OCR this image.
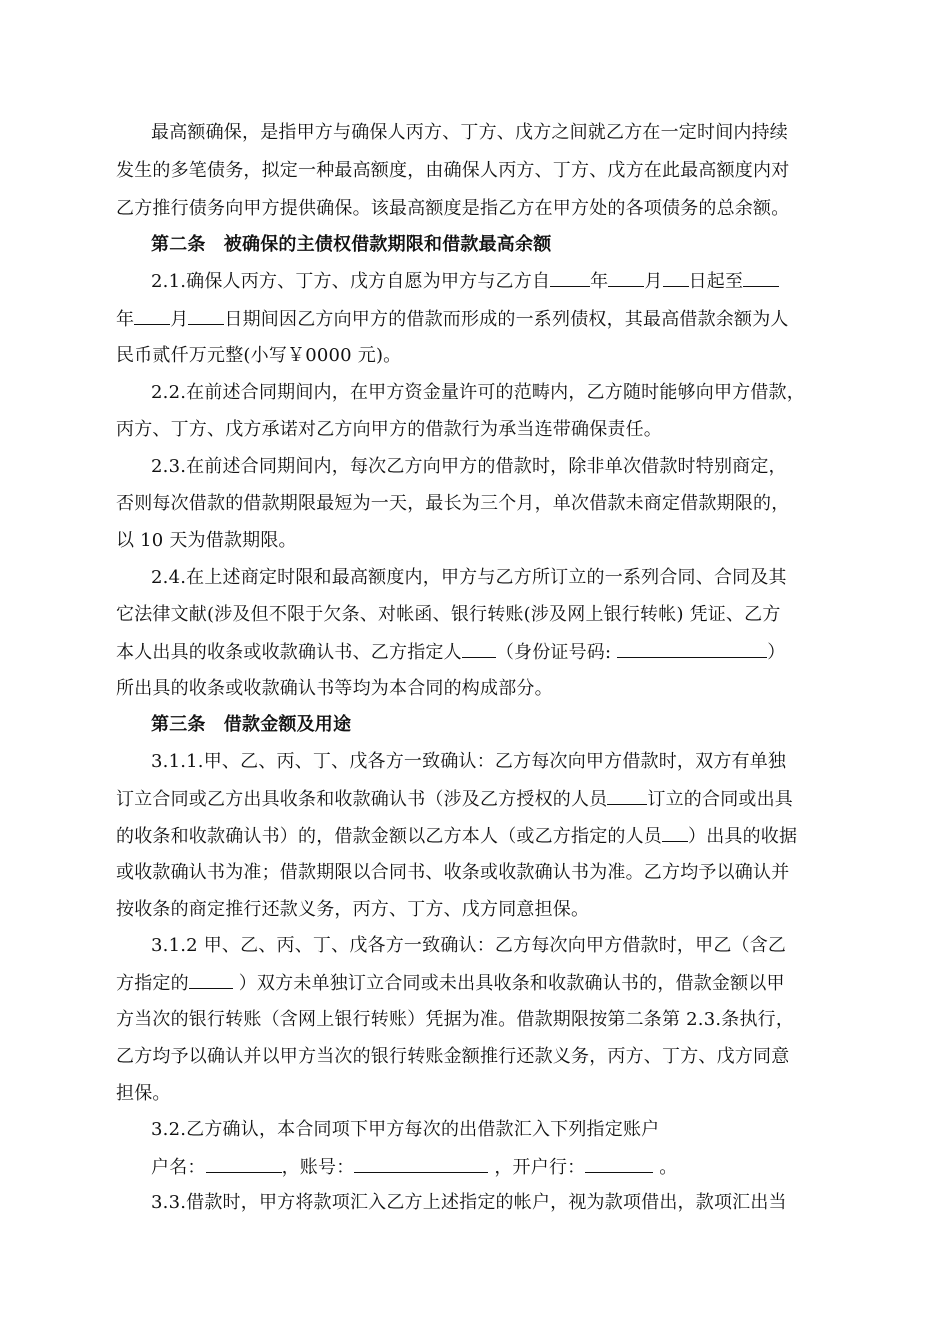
最高额确保，是指甲方与确保人丙方、丁方、戊方之间就乙方在一定时间内持续
发生的多笔债务，拟定一种最高额度，由确保人丙方、丁方、戊方在此最高额度内对
乙方推行债务向甲方提供确保。该最高额度是指乙方在甲方处的各项债务的总余额。
第二条　被确保的主债权借款期限和借款最高余额
2.1.确保人丙方、丁方、戊方自愿为甲方与乙方自 年 月 日起至
年 月 日期间因乙方向甲方的借款而形成的一系列债权，其最高借款余额为人
民币贰仟万元整(小写￥0000 元)。
2.2.在前述合同期间内，在甲方资金量许可的范畴内，乙方随时能够向甲方借款，
丙方、丁方、戊方承诺对乙方向甲方的借款行为承当连带确保责任。
2.3.在前述合同期间内，每次乙方向甲方的借款时，除非单次借款时特别商定，
否则每次借款的借款期限最短为一天，最长为三个月，单次借款未商定借款期限的，
以 10 天为借款期限。
2.4.在上述商定时限和最高额度内，甲方与乙方所订立的一系列合同、合同及其
它法律文献(涉及但不限于欠条、对帐函、银行转账(涉及网上银行转帐) 凭证、乙方
本人出具的收条或收款确认书、乙方指定人 （身份证号码:	）
所出具的收条或收款确认书等均为本合同的构成部分。
第三条　借款金额及用途
3.1.1.甲、乙、丙、丁、戊各方一致确认：乙方每次向甲方借款时，双方有单独
订立合同或乙方出具收条和收款确认书（涉及乙方授权的人员 订立的合同或出具
的收条和收款确认书）的，借款金额以乙方本人（或乙方指定的人员 ）出具的收据
或收款确认书为准；借款期限以合同书、收条或收款确认书为准。乙方均予以确认并
按收条的商定推行还款义务，丙方、丁方、戊方同意担保。
3.1.2 甲、乙、丙、丁、戊各方一致确认：乙方每次向甲方借款时，甲乙（含乙
方指定的 ）双方未单独订立合同或未出具收条和收款确认书的，借款金额以甲
方当次的银行转账（含网上银行转账）凭据为准。借款期限按第二条第 2.3.条执行，
乙方均予以确认并以甲方当次的银行转账金额推行还款义务，丙方、丁方、戊方同意
担保。
3.2.乙方确认，本合同项下甲方每次的出借款汇入下列指定账户
户名：	，账号：	，开户行：	。
3.3.借款时，甲方将款项汇入乙方上述指定的帐户，视为款项借出，款项汇出当
